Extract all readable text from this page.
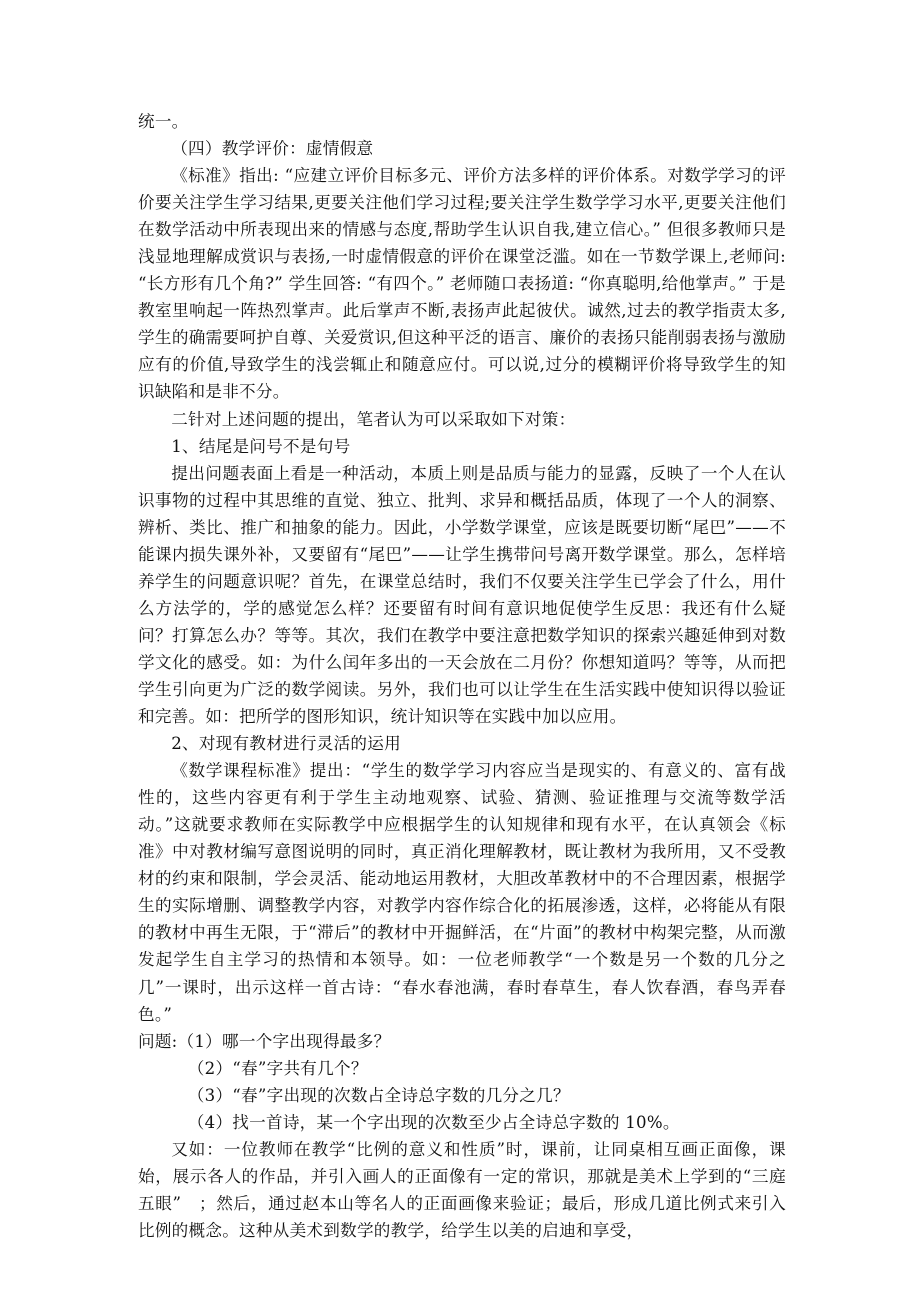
统一。

（四）教学评价：虚情假意

《标准》指出: “应建立评价目标多元、评价方法多样的评价体系。对数学学习的评价要关注学生学习结果,更要关注他们学习过程;要关注学生数学学习水平,更要关注他们在数学活动中所表现出来的情感与态度,帮助学生认识自我,建立信心。” 但很多教师只是浅显地理解成赏识与表扬,一时虚情假意的评价在课堂泛滥。如在一节数学课上,老师问: “长方形有几个角?” 学生回答: “有四个。” 老师随口表扬道: “你真聪明,给他掌声。” 于是教室里响起一阵热烈掌声。此后掌声不断,表扬声此起彼伏。诚然,过去的教学指责太多,学生的确需要呵护自尊、关爱赏识,但这种平泛的语言、廉价的表扬只能削弱表扬与激励应有的价值,导致学生的浅尝辄止和随意应付。可以说,过分的模糊评价将导致学生的知识缺陷和是非不分。

二针对上述问题的提出，笔者认为可以采取如下对策：

1、结尾是问号不是句号

提出问题表面上看是一种活动，本质上则是品质与能力的显露，反映了一个人在认识事物的过程中其思维的直觉、独立、批判、求异和概括品质，体现了一个人的洞察、辨析、类比、推广和抽象的能力。因此，小学数学课堂，应该是既要切断“尾巴”——不能课内损失课外补，又要留有“尾巴”——让学生携带问号离开数学课堂。那么，怎样培养学生的问题意识呢？首先，在课堂总结时，我们不仅要关注学生已学会了什么，用什么方法学的，学的感觉怎么样？还要留有时间有意识地促使学生反思：我还有什么疑问？打算怎么办？等等。其次，我们在教学中要注意把数学知识的探索兴趣延伸到对数学文化的感受。如：为什么闰年多出的一天会放在二月份？你想知道吗？等等，从而把学生引向更为广泛的数学阅读。另外，我们也可以让学生在生活实践中使知识得以验证和完善。如：把所学的图形知识，统计知识等在实践中加以应用。

2、对现有教材进行灵活的运用

《数学课程标准》提出：“学生的数学学习内容应当是现实的、有意义的、富有战性的，这些内容更有利于学生主动地观察、试验、猜测、验证推理与交流等数学活动。”这就要求教师在实际教学中应根据学生的认知规律和现有水平，在认真领会《标准》中对教材编写意图说明的同时，真正消化理解教材，既让教材为我所用，又不受教材的约束和限制，学会灵活、能动地运用教材，大胆改革教材中的不合理因素，根据学生的实际增删、调整教学内容，对教学内容作综合化的拓展渗透，这样，必将能从有限的教材中再生无限，于“滞后”的教材中开掘鲜活，在“片面”的教材中构架完整，从而激发起学生自主学习的热情和本领导。如：一位老师教学“一个数是另一个数的几分之几”一课时，出示这样一首古诗：“春水春池满，春时春草生，春人饮春酒，春鸟弄春色。”

问题:（1）哪一个字出现得最多？

（2）“春”字共有几个？

（3）“春”字出现的次数占全诗总字数的几分之几？

（4）找一首诗，某一个字出现的次数至少占全诗总字数的 10%。

又如：一位教师在教学“比例的意义和性质”时，课前，让同桌相互画正面像，课始，展示各人的作品，并引入画人的正面像有一定的常识，那就是美术上学到的“三庭五眼”　；然后，通过赵本山等名人的正面画像来验证；最后，形成几道比例式来引入比例的概念。这种从美术到数学的教学，给学生以美的启迪和享受，
